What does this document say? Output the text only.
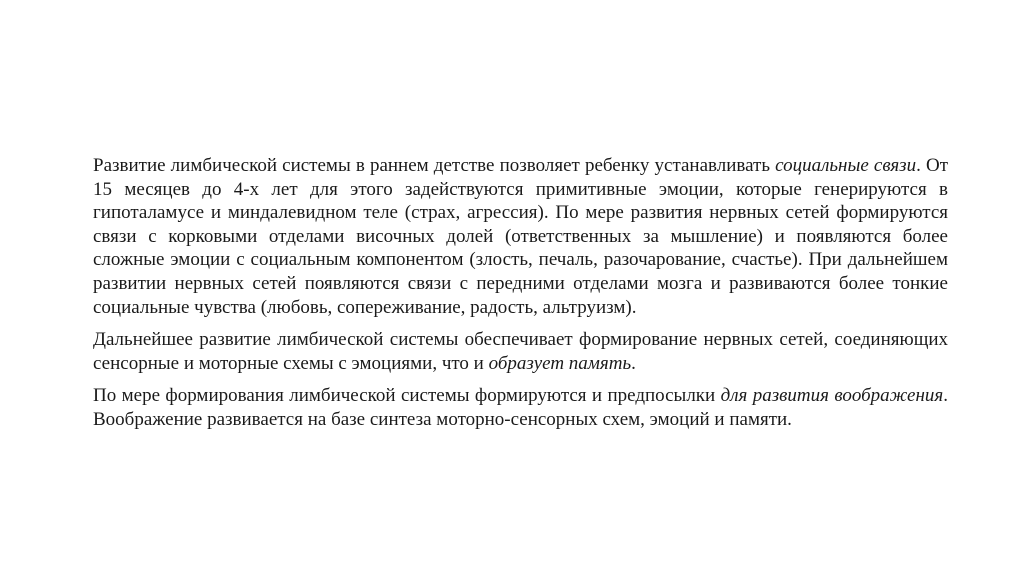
Развитие лимбической системы в раннем детстве позволяет ребенку устанавливать социальные связи. От 15 месяцев до 4-х лет для этого задействуются примитивные эмоции, которые генерируются в гипоталамусе и миндалевидном теле (страх, агрессия). По мере развития нервных сетей формируются связи с корковыми отделами височных долей (ответственных за мышление) и появляются более сложные эмоции с социальным компонентом (злость, печаль, разочарование, счастье). При дальнейшем развитии нервных сетей появляются связи с передними отделами мозга и развиваются более тонкие социальные чувства (любовь, сопереживание, радость, альтруизм).

Дальнейшее развитие лимбической системы обеспечивает формирование нервных сетей, соединяющих сенсорные и моторные схемы с эмоциями, что и образует память.

По мере формирования лимбической системы формируются и предпосылки для развития воображения. Воображение развивается на базе синтеза моторно-сенсорных схем, эмоций и памяти.
